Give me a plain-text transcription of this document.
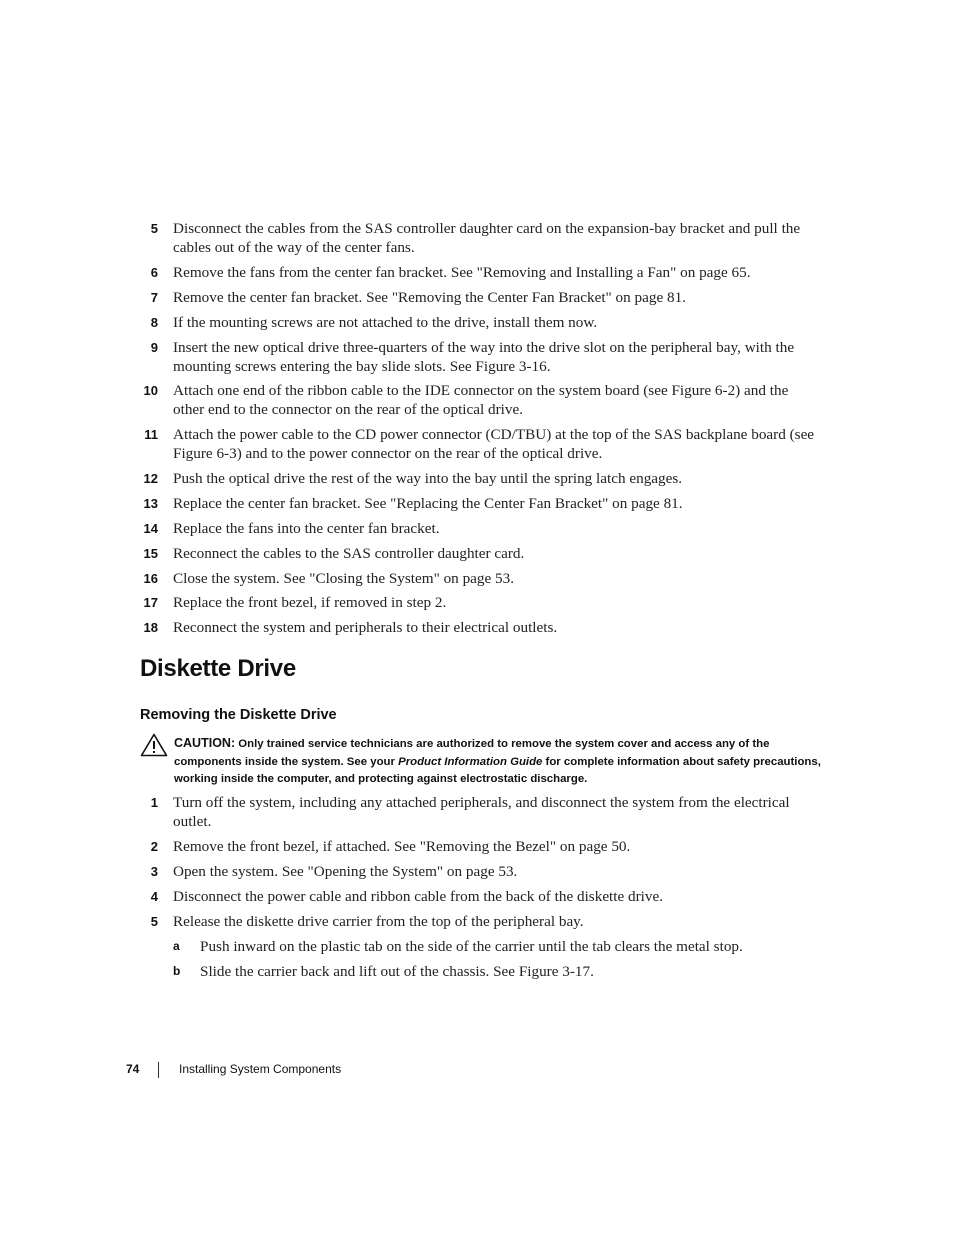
5 Disconnect the cables from the SAS controller daughter card on the expansion-bay bracket and pull the cables out of the way of the center fans.
6 Remove the fans from the center fan bracket. See "Removing and Installing a Fan" on page 65.
7 Remove the center fan bracket. See "Removing the Center Fan Bracket" on page 81.
8 If the mounting screws are not attached to the drive, install them now.
9 Insert the new optical drive three-quarters of the way into the drive slot on the peripheral bay, with the mounting screws entering the bay slide slots. See Figure 3-16.
10 Attach one end of the ribbon cable to the IDE connector on the system board (see Figure 6-2) and the other end to the connector on the rear of the optical drive.
11 Attach the power cable to the CD power connector (CD/TBU) at the top of the SAS backplane board (see Figure 6-3) and to the power connector on the rear of the optical drive.
12 Push the optical drive the rest of the way into the bay until the spring latch engages.
13 Replace the center fan bracket. See "Replacing the Center Fan Bracket" on page 81.
14 Replace the fans into the center fan bracket.
15 Reconnect the cables to the SAS controller daughter card.
16 Close the system. See "Closing the System" on page 53.
17 Replace the front bezel, if removed in step 2.
18 Reconnect the system and peripherals to their electrical outlets.
Diskette Drive
Removing the Diskette Drive
CAUTION: Only trained service technicians are authorized to remove the system cover and access any of the components inside the system. See your Product Information Guide for complete information about safety precautions, working inside the computer, and protecting against electrostatic discharge.
1 Turn off the system, including any attached peripherals, and disconnect the system from the electrical outlet.
2 Remove the front bezel, if attached. See "Removing the Bezel" on page 50.
3 Open the system. See "Opening the System" on page 53.
4 Disconnect the power cable and ribbon cable from the back of the diskette drive.
5 Release the diskette drive carrier from the top of the peripheral bay.
a Push inward on the plastic tab on the side of the carrier until the tab clears the metal stop.
b Slide the carrier back and lift out of the chassis. See Figure 3-17.
74	Installing System Components
